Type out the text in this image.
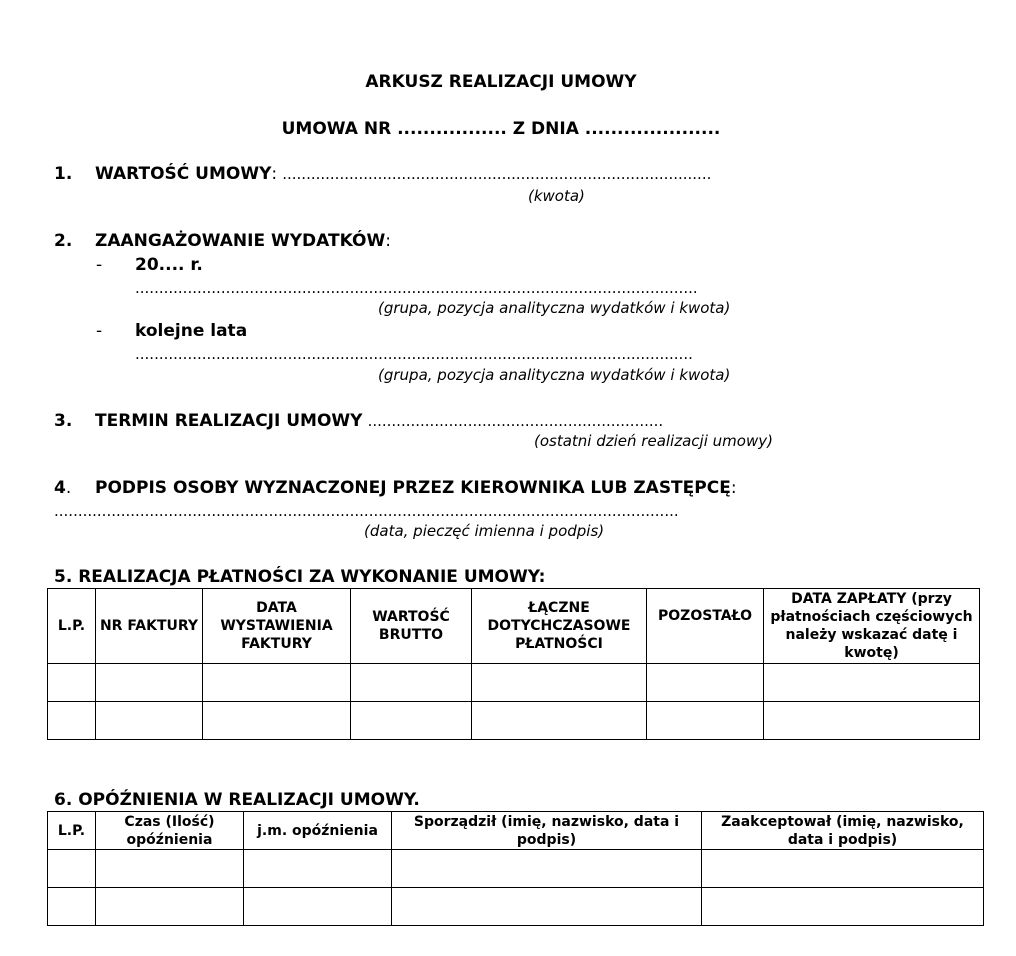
ARKUSZ REALIZACJI UMOWY
UMOWA NR ................. Z DNIA .....................
1. WARTOŚĆ UMOWY: ..........................................................................................
(kwota)
2. ZAANGAŻOWANIE WYDATKÓW:
- 20.... r.
......................................................................................................................
(grupa, pozycja analityczna wydatków i kwota)
- kolejne lata
.....................................................................................................................
(grupa, pozycja analityczna wydatków i kwota)
3. TERMIN REALIZACJI UMOWY ..............................................................
(ostatni dzień realizacji umowy)
4. PODPIS OSOBY WYZNACZONEJ PRZEZ KIEROWNIKA LUB ZASTĘPCĘ:
...................................................................................................................................
(data, pieczęć imienna i podpis)
5. REALIZACJA PŁATNOŚCI ZA WYKONANIE UMOWY:
L.P.	NR FAKTURY	DATA WYSTAWIENIA FAKTURY	WARTOŚĆ BRUTTO	ŁĄCZNE DOTYCHCZASOWE PŁATNOŚCI	POZOSTAŁO	DATA ZAPŁATY (przy płatnościach częściowych należy wskazać datę i kwotę)

6. OPÓŹNIENIA W REALIZACJI UMOWY.
L.P.	Czas (Ilość) opóźnienia	j.m. opóźnienia	Sporządził (imię, nazwisko, data i podpis)	Zaakceptował (imię, nazwisko, data i podpis)
